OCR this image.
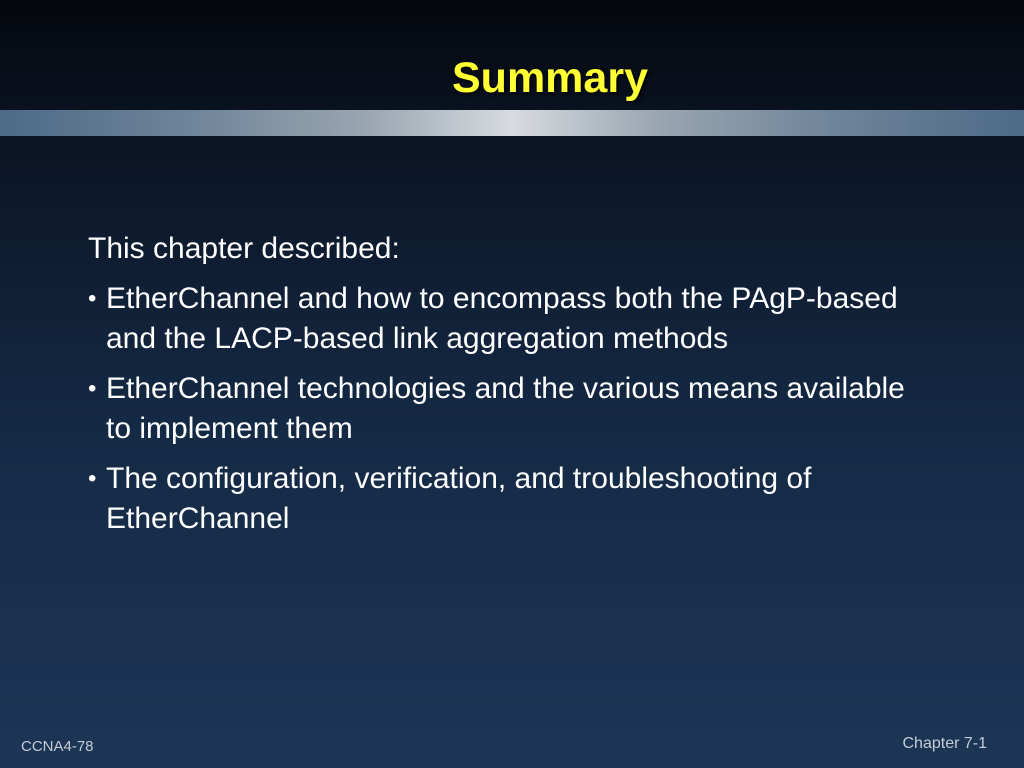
Summary
This chapter described:
• EtherChannel and how to encompass both the PAgP-based and the LACP-based link aggregation methods
• EtherChannel technologies and the various means available to implement them
• The configuration, verification, and troubleshooting of EtherChannel
CCNA4-78	Chapter 7-1
